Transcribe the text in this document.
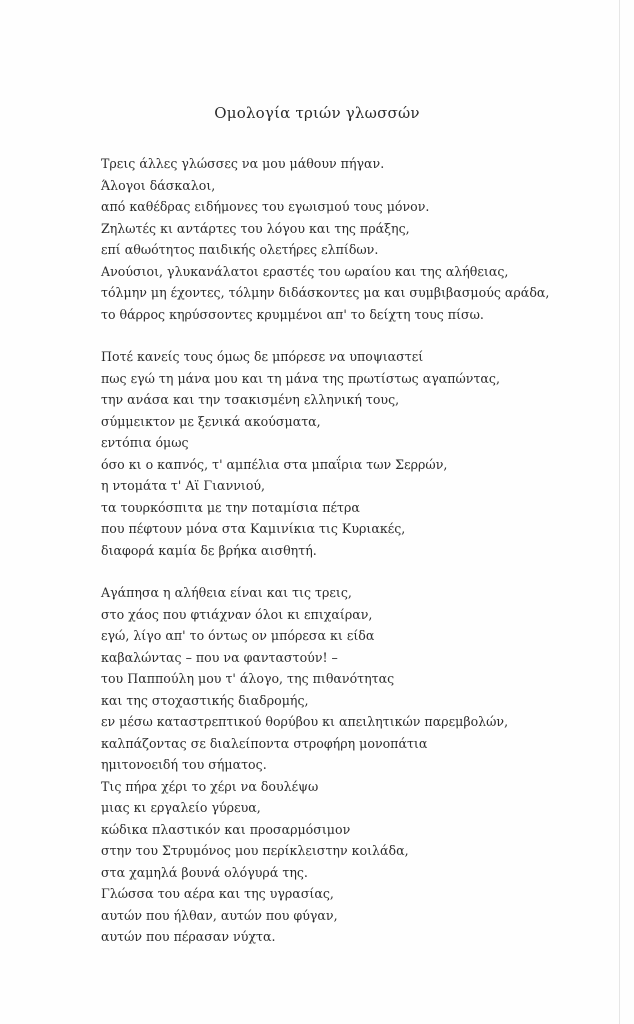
Ομολογία τριών γλωσσών
Τρεις άλλες γλώσσες να μου μάθουν πήγαν.
Άλογοι δάσκαλοι,
από καθέδρας ειδήμονες του εγωισμού τους μόνον.
Ζηλωτές κι αντάρτες του λόγου και της πράξης,
επί αθωότητος παιδικής ολετήρες ελπίδων.
Ανούσιοι, γλυκανάλατοι εραστές του ωραίου και της αλήθειας,
τόλμην μη έχοντες, τόλμην διδάσκοντες μα και συμβιβασμούς αράδα,
το θάρρος κηρύσσοντες κρυμμένοι απ' το δείχτη τους πίσω.
Ποτέ κανείς τους όμως δε μπόρεσε να υποψιαστεί
πως εγώ τη μάνα μου και τη μάνα της πρωτίστως αγαπώντας,
την ανάσα και την τσακισμένη ελληνική τους,
σύμμεικτον με ξενικά ακούσματα,
εντόπια όμως
όσο κι ο καπνός, τ' αμπέλια στα μπαΐρια των Σερρών,
η ντομάτα τ' Αϊ Γιαννιού,
τα τουρκόσπιτα με την ποταμίσια πέτρα
που πέφτουν μόνα στα Καμινίκια τις Κυριακές,
διαφορά καμία δε βρήκα αισθητή.
Αγάπησα η αλήθεια είναι και τις τρεις,
στο χάος που φτιάχναν όλοι κι επιχαίραν,
εγώ, λίγο απ' το όντως ον μπόρεσα κι είδα
καβαλώντας – που να φανταστούν! –
του Παππούλη μου τ' άλογο, της πιθανότητας
και της στοχαστικής διαδρομής,
εν μέσω καταστρεπτικού θορύβου κι απειλητικών παρεμβολών,
καλπάζοντας σε διαλείποντα στροφήρη μονοπάτια
ημιτονοειδή του σήματος.
Τις πήρα χέρι το χέρι να δουλέψω
μιας κι εργαλείο γύρευα,
κώδικα πλαστικόν και προσαρμόσιμον
στην του Στρυμόνος μου περίκλειστην κοιλάδα,
στα χαμηλά βουνά ολόγυρά της.
Γλώσσα του αέρα και της υγρασίας,
αυτών που ήλθαν, αυτών που φύγαν,
αυτών που πέρασαν νύχτα.
